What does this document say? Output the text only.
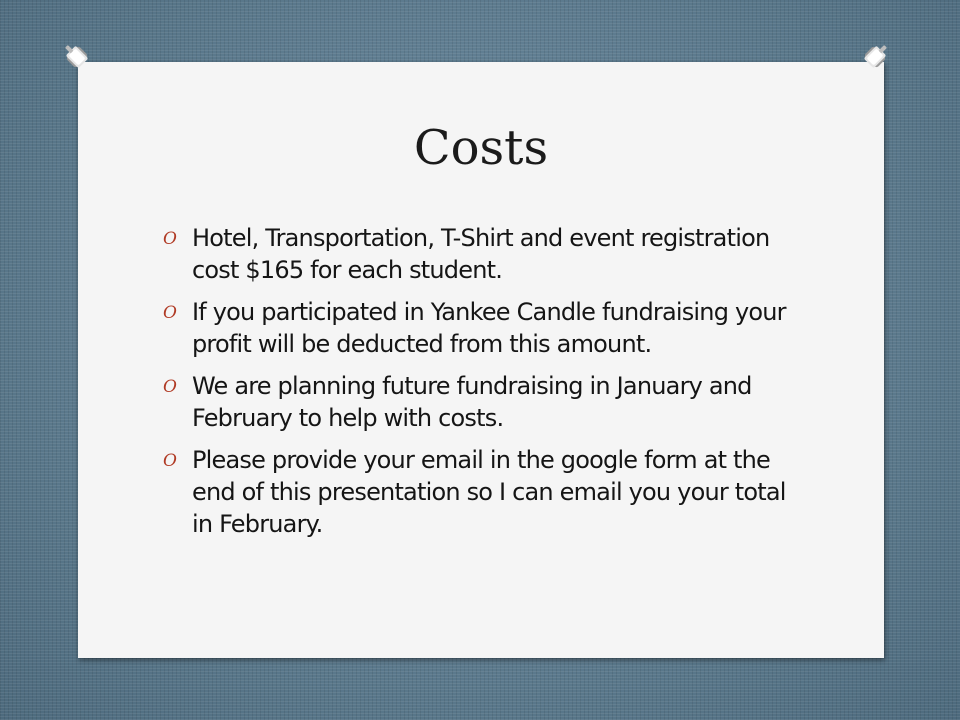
Costs
O Hotel, Transportation, T-Shirt and event registration cost $165 for each student.
O If you participated in Yankee Candle fundraising your profit will be deducted from this amount.
O We are planning future fundraising in January and February to help with costs.
O Please provide your email in the google form at the end of this presentation so I can email you your total in February.
